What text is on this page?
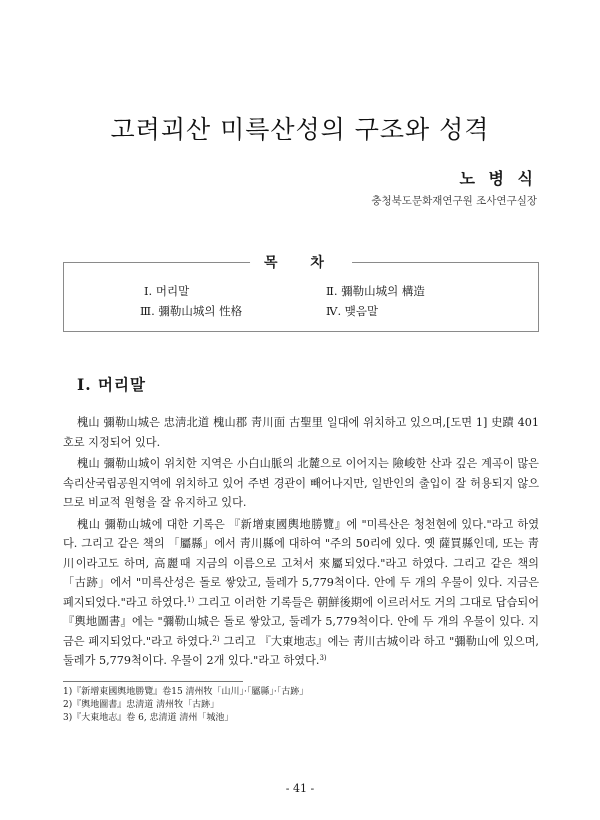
고려괴산 미륵산성의 구조와 성격
노 병 식
충청북도문화재연구원 조사연구실장
목 차
Ⅰ. 머리말	Ⅱ. 彌勒山城의 構造
Ⅲ. 彌勒山城의 性格	Ⅳ. 맺음말
Ⅰ. 머리말

槐山 彌勒山城은 忠淸北道 槐山郡 靑川面 古聖里 일대에 위치하고 있으며,[도면 1] 史蹟 401호로 지정되어 있다.

槐山 彌勒山城이 위치한 지역은 小白山脈의 北麓으로 이어지는 險峻한 산과 깊은 계곡이 많은 속리산국립공원지역에 위치하고 있어 주변 경관이 빼어나지만, 일반인의 출입이 잘 허용되지 않으므로 비교적 원형을 잘 유지하고 있다.

槐山 彌勒山城에 대한 기록은 『新增東國輿地勝覽』에 "미륵산은 청천현에 있다."라고 하였다. 그리고 같은 책의 「屬縣」에서 靑川縣에 대하여 "주의 50리에 있다. 옛 薩買縣인데, 또는 靑川이라고도 하며, 高麗때 지금의 이름으로 고쳐서 來屬되었다."라고 하였다. 그리고 같은 책의 「古跡」에서 "미륵산성은 돌로 쌓았고, 둘레가 5,779척이다. 안에 두 개의 우물이 있다. 지금은 폐지되었다."라고 하였다.$^{1)}$ 그리고 이러한 기록들은 朝鮮後期에 이르러서도 거의 그대로 답습되어 『輿地圖書』에는 "彌勒山城은 돌로 쌓았고, 둘레가 5,779척이다. 안에 두 개의 우물이 있다. 지금은 폐지되었다."라고 하였다.$^{2)}$ 그리고 『大東地志』에는 靑川古城이라 하고 "彌勒山에 있으며, 둘레가 5,779척이다. 우물이 2개 있다."라고 하였다.$^{3)}$

1)『新增東國輿地勝覽』卷15 淸州牧「山川」·「屬縣」·「古跡」
2)『輿地圖書』忠淸道 淸州牧「古跡」
3)『大東地志』卷 6, 忠淸道 淸州「城池」
- 41 -
